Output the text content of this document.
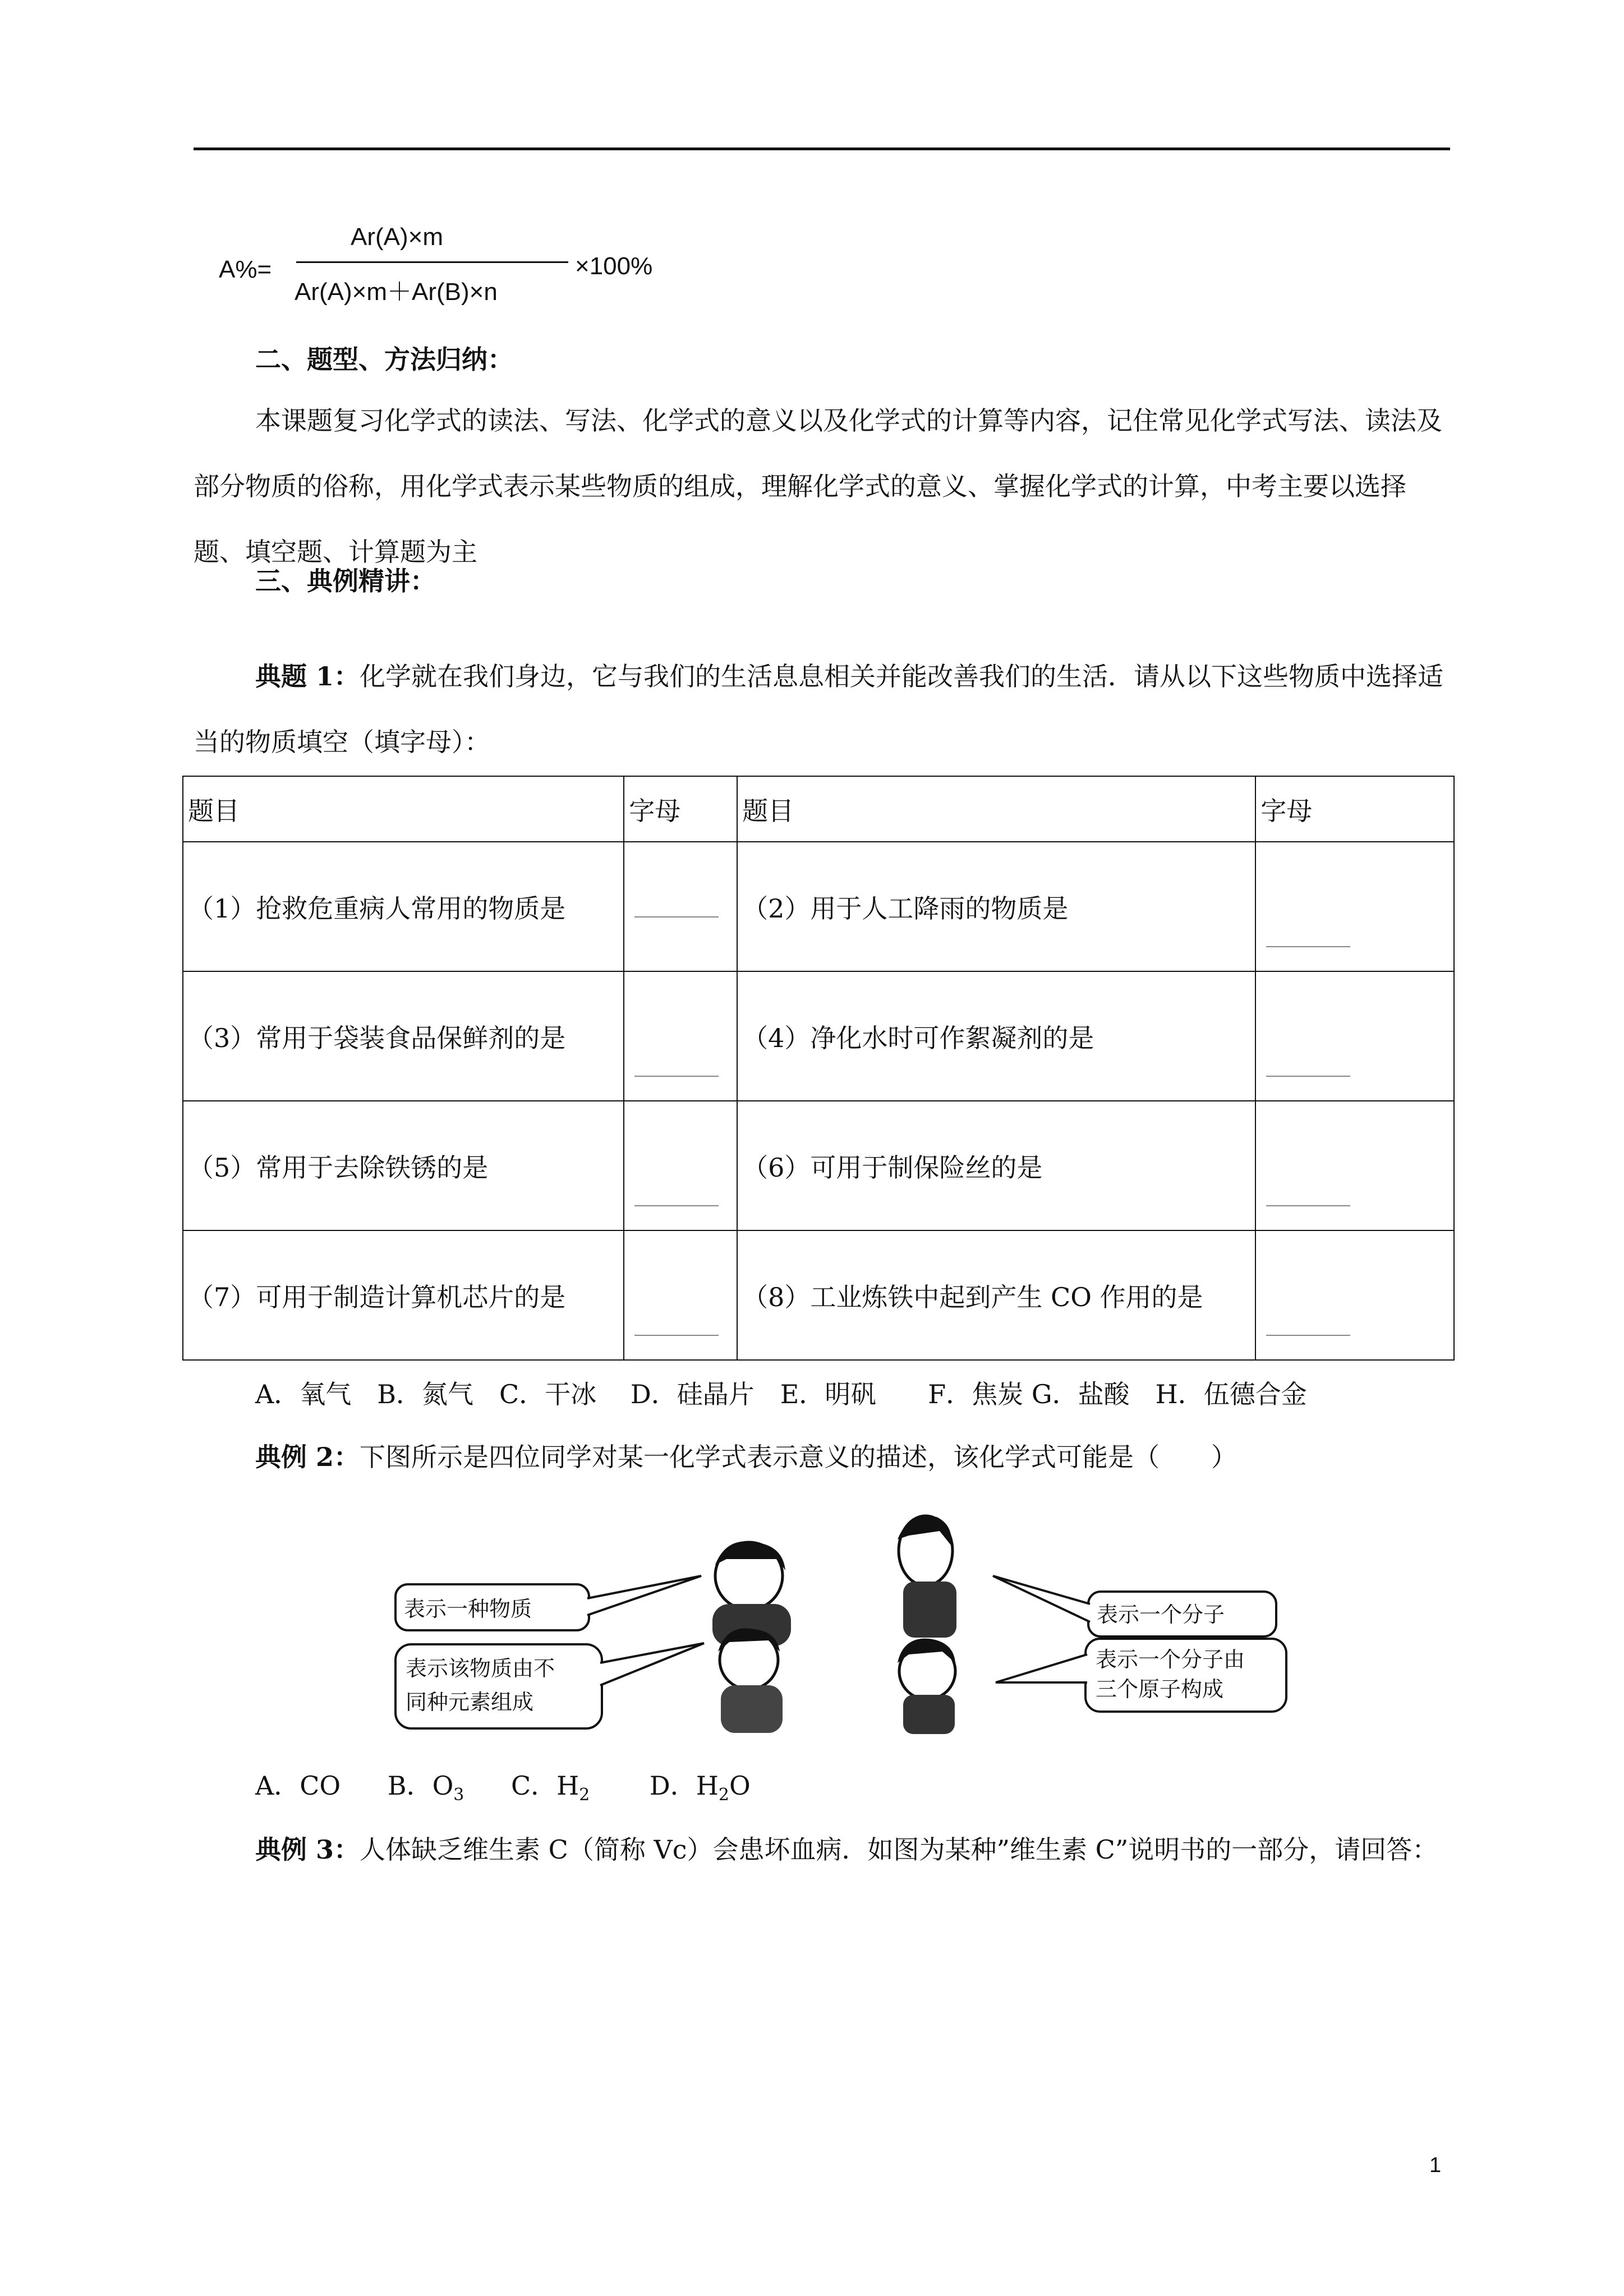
A%=
Ar(A)×m
Ar(A)×m＋Ar(B)×n
×100%
二、题型、方法归纳：
本课题复习化学式的读法、写法、化学式的意义以及化学式的计算等内容，记住常见化学式写法、读法及部分物质的俗称，用化学式表示某些物质的组成，理解化学式的意义、掌握化学式的计算，中考主要以选择题、填空题、计算题为主
三、典例精讲：
典题 1：化学就在我们身边，它与我们的生活息息相关并能改善我们的生活．请从以下这些物质中选择适当的物质填空（填字母）：
题目	字母	题目	字母
（1）抢救危重病人常用的物质是		（2）用于人工降雨的物质是	

（3）常用于袋装食品保鲜剂的是		（4）净化水时可作絮凝剂的是	

（5）常用于去除铁锈的是		（6）可用于制保险丝的是	

（7）可用于制造计算机芯片的是		（8）工业炼铁中起到产生 CO 作用的是	
A．氧气　B．氮气　C．干冰　 D．硅晶片　E．明矾　　F．焦炭 G．盐酸　H．伍德合金
典例 2：下图所示是四位同学对某一化学式表示意义的描述，该化学式可能是（　　）
表示一种物质	表示一个分子
表示该物质由不
同种元素组成
表示一个分子由
三个原子构成
A．CO　  B．$O_3$　  C．$H_2$　　 D．$H_2O$
典例 3：人体缺乏维生素 C（简称 Vc）会患坏血病．如图为某种”维生素 C”说明书的一部分，请回答：
1
